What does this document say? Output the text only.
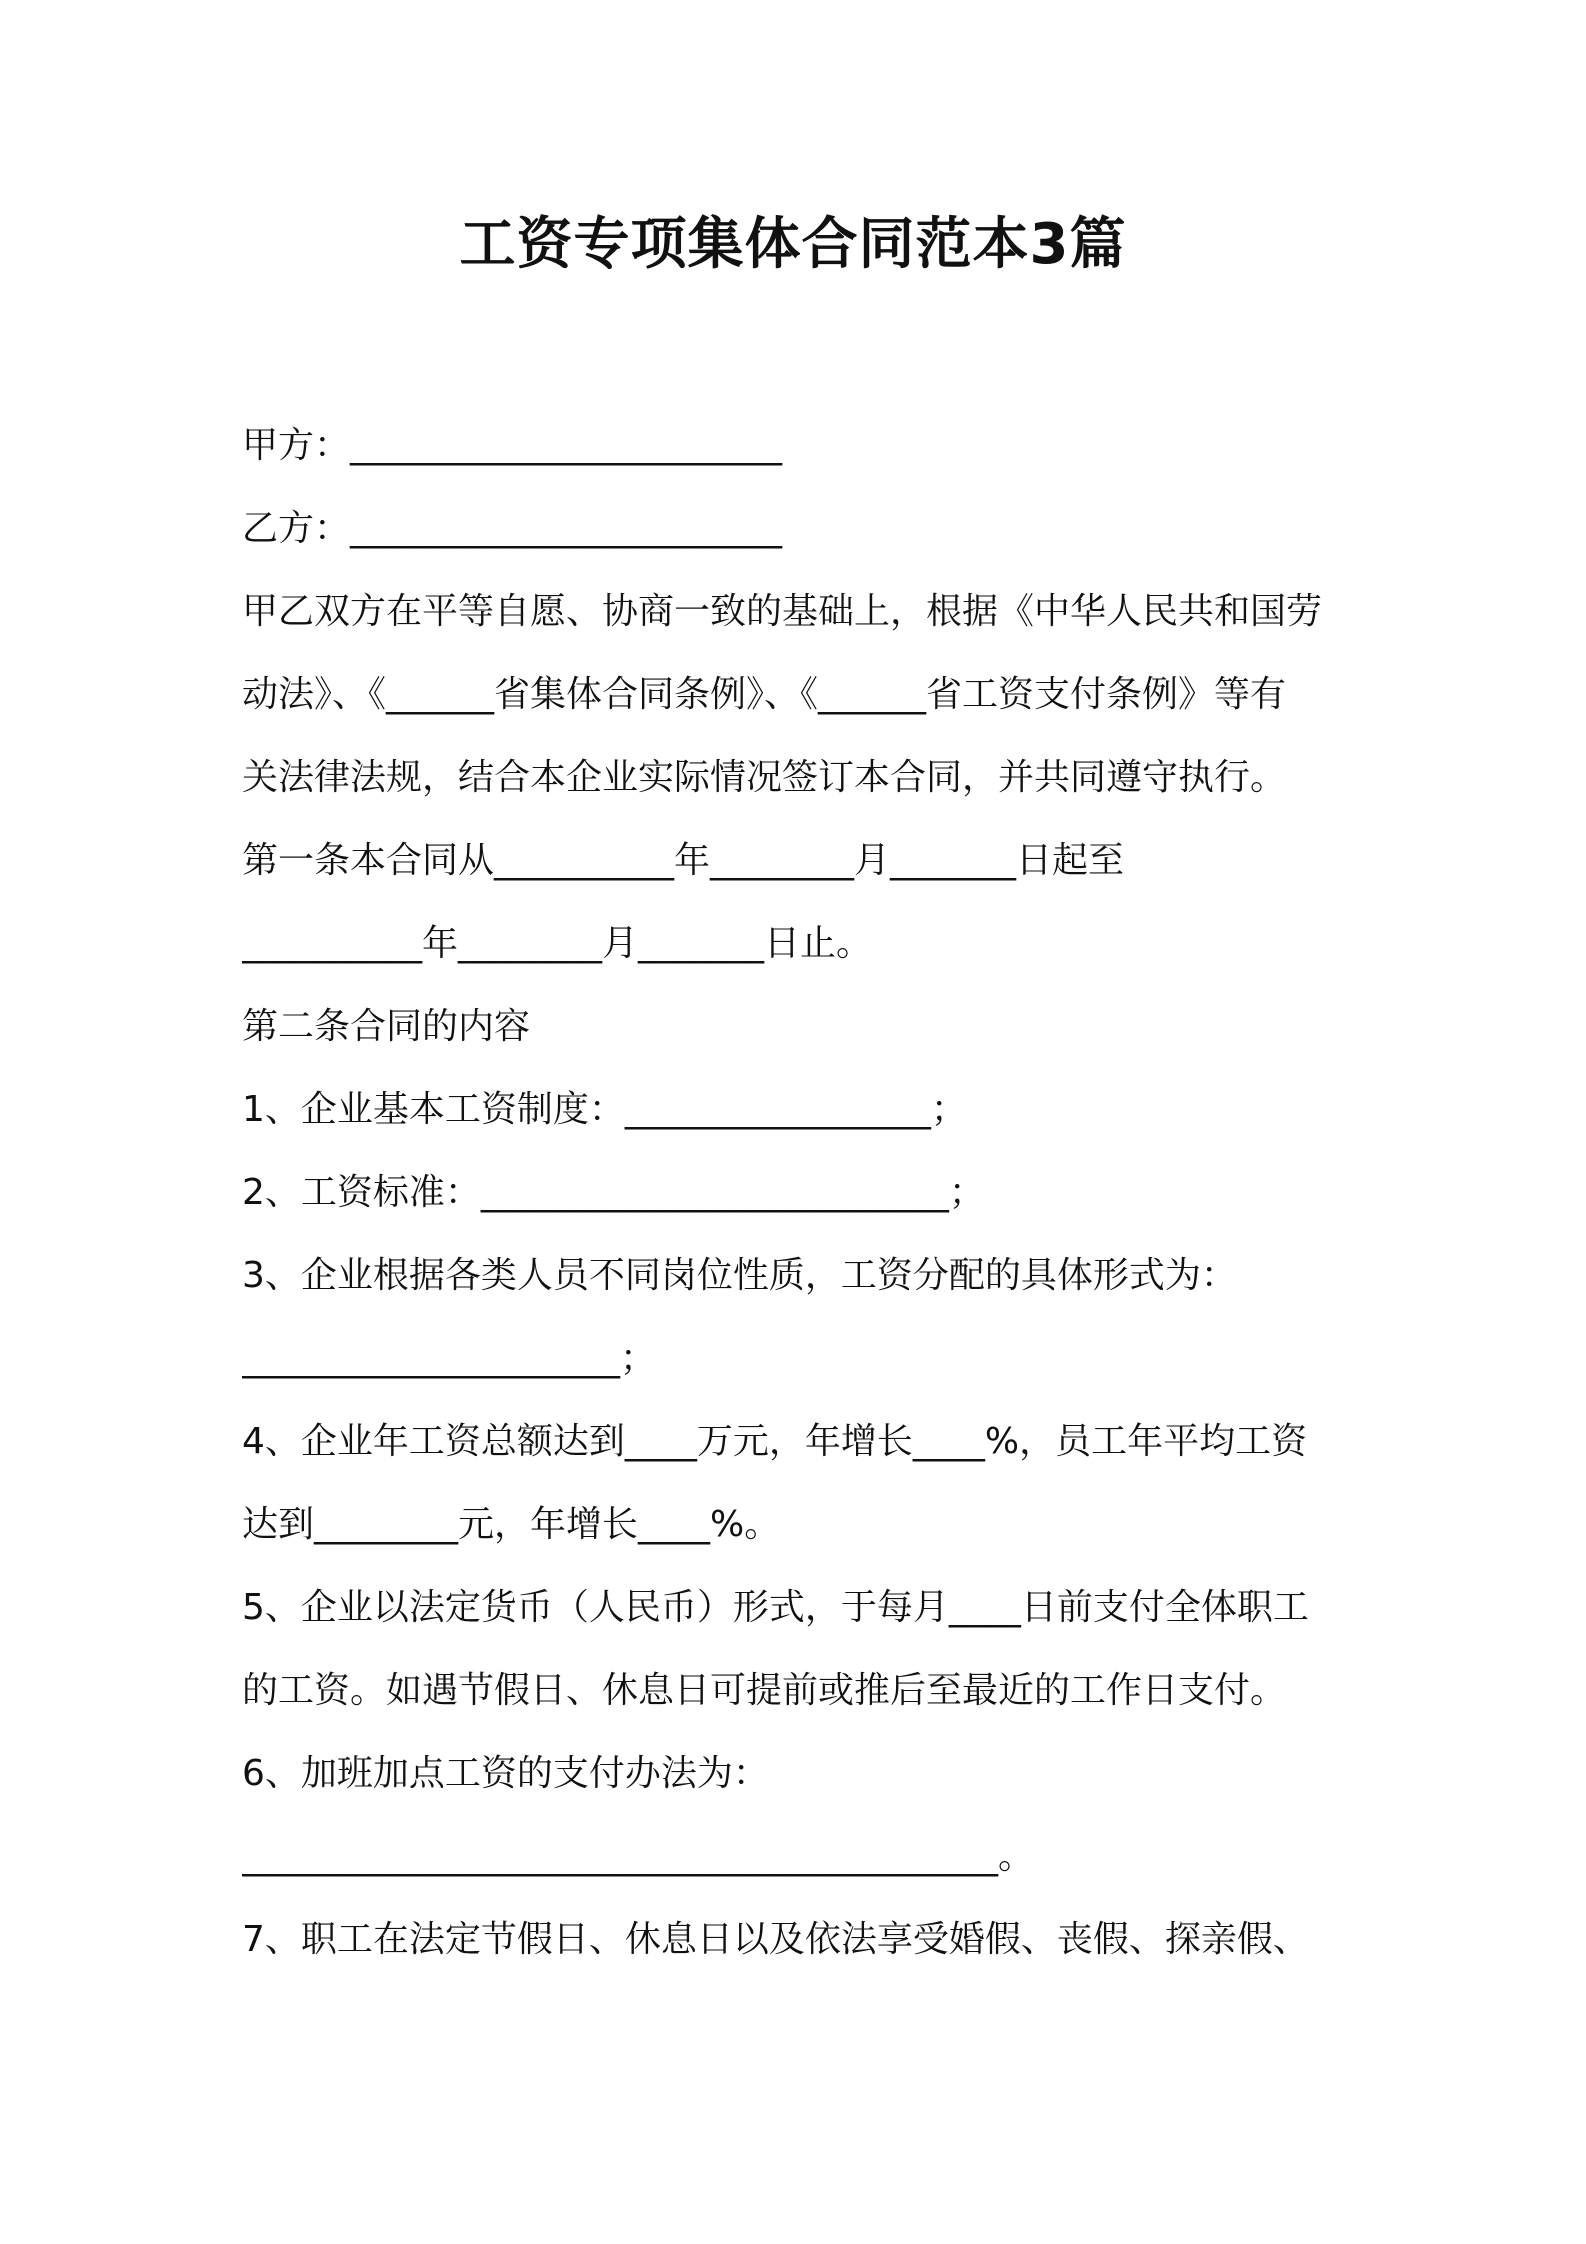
工资专项集体合同范本3篇
甲方：________________________
乙方：________________________
甲乙双方在平等自愿、协商一致的基础上，根据《中华人民共和国劳
动法》、《______省集体合同条例》、《______省工资支付条例》等有
关法律法规，结合本企业实际情况签订本合同，并共同遵守执行。
第一条本合同从__________年________月_______日起至
__________年________月_______日止。
第二条合同的内容
1、企业基本工资制度：_________________；
2、工资标准：__________________________；
3、企业根据各类人员不同岗位性质，工资分配的具体形式为：
_____________________；
4、企业年工资总额达到____万元，年增长____%，员工年平均工资
达到________元，年增长____%。
5、企业以法定货币（人民币）形式，于每月____日前支付全体职工
的工资。如遇节假日、休息日可提前或推后至最近的工作日支付。
6、加班加点工资的支付办法为：
__________________________________________。
7、职工在法定节假日、休息日以及依法享受婚假、丧假、探亲假、
